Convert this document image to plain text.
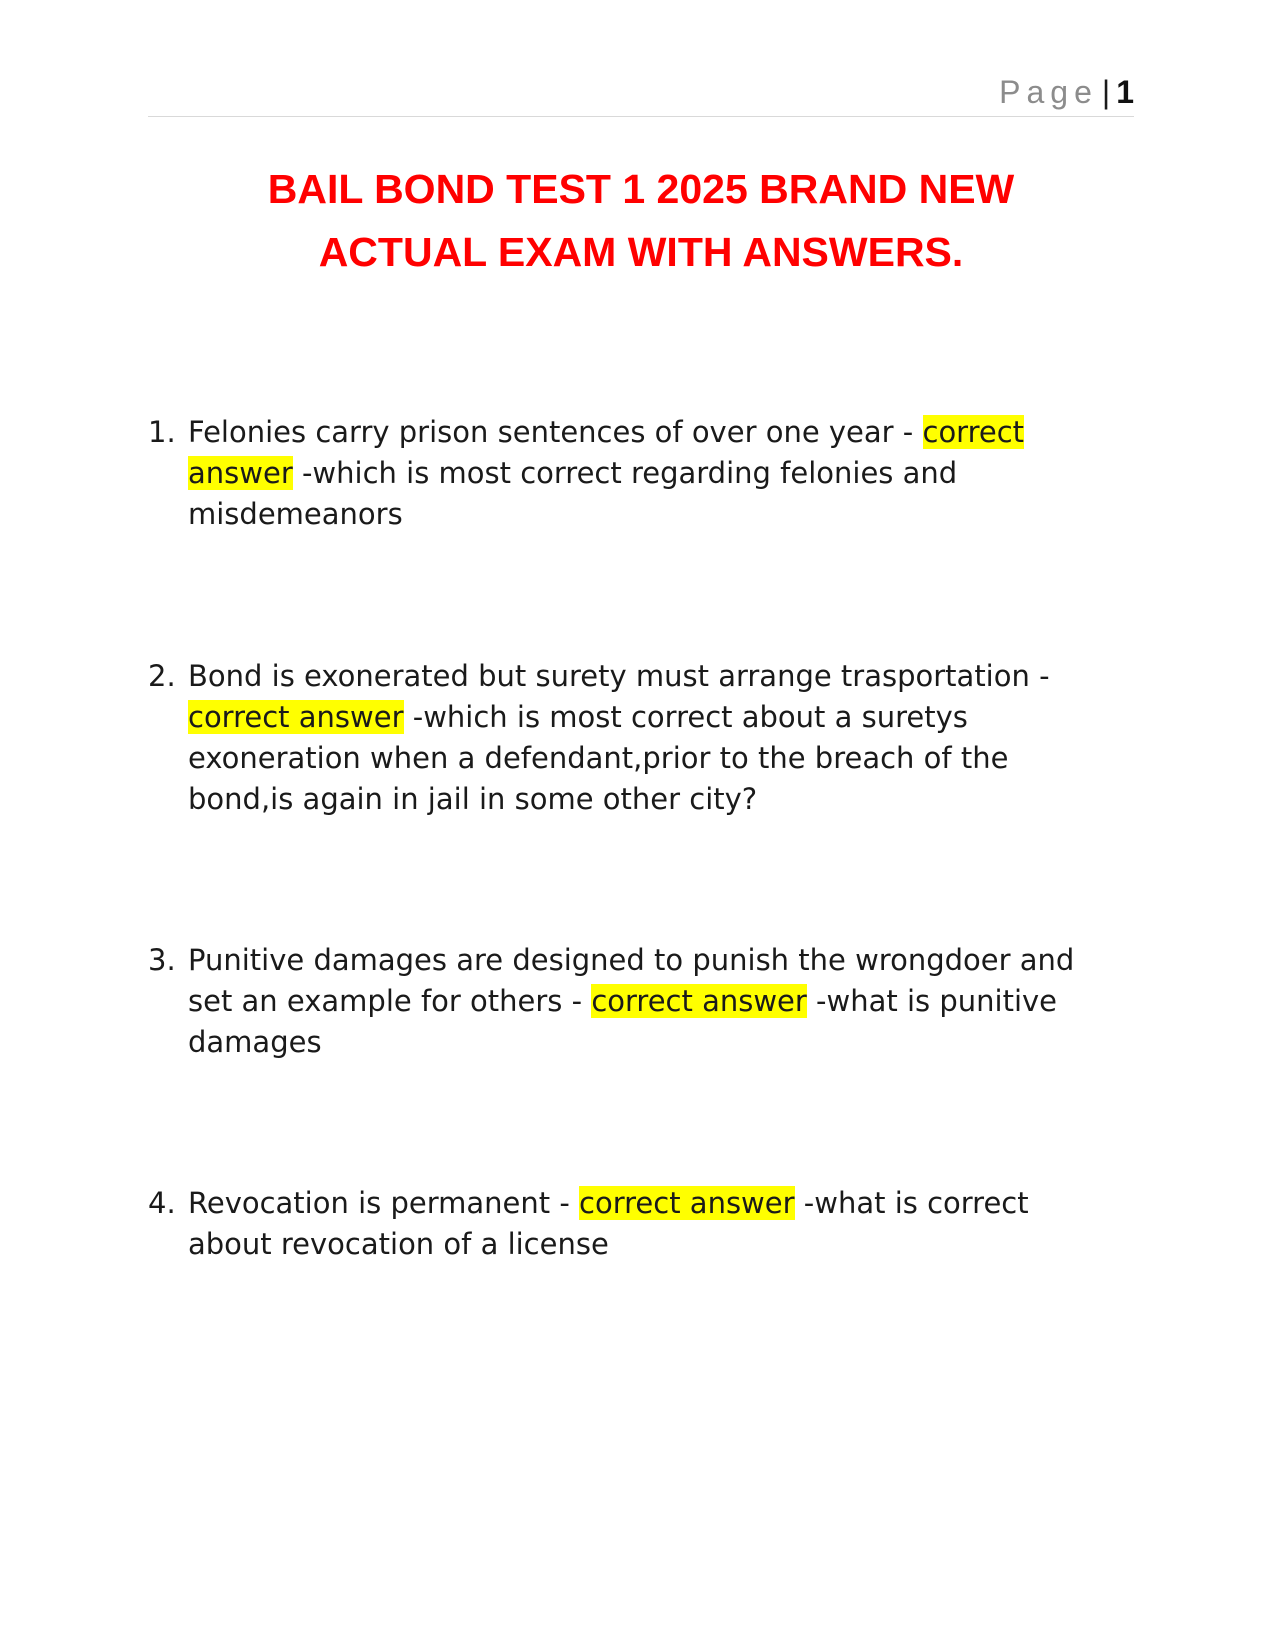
Page | 1
BAIL BOND TEST 1 2025 BRAND NEW
ACTUAL EXAM WITH ANSWERS.
1. Felonies carry prison sentences of over one year - correct answer -which is most correct regarding felonies and misdemeanors
2. Bond is exonerated but surety must arrange trasportation - correct answer -which is most correct about a suretys exoneration when a defendant,prior to the breach of the bond,is again in jail in some other city?
3. Punitive damages are designed to punish the wrongdoer and set an example for others - correct answer -what is punitive damages
4. Revocation is permanent - correct answer -what is correct about revocation of a license
